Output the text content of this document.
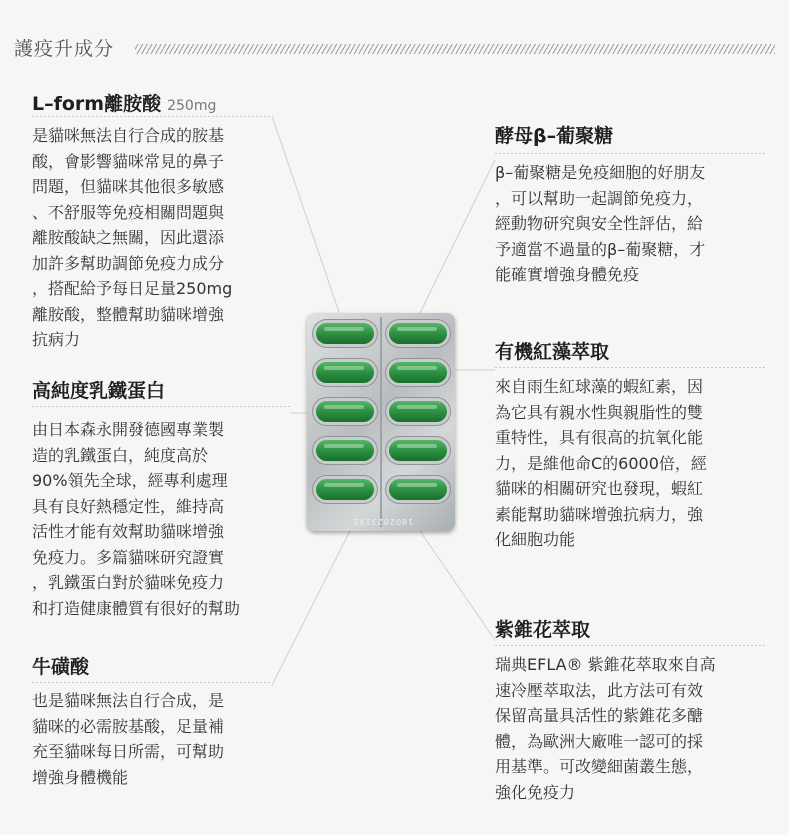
護疫升成分
L–form離胺酸 250mg
是貓咪無法自行合成的胺基
酸，會影響貓咪常見的鼻子
問題，但貓咪其他很多敏感
、不舒服等免疫相關問題與
離胺酸缺之無關，因此還添
加許多幫助調節免疫力成分
，搭配給予每日足量250mg
離胺酸，整體幫助貓咪增強
抗病力
高純度乳鐵蛋白
由日本森永開發德國專業製
造的乳鐵蛋白，純度高於
90%領先全球，經專利處理
具有良好熱穩定性，維持高
活性才能有效幫助貓咪增強
免疫力。多篇貓咪研究證實
，乳鐵蛋白對於貓咪免疫力
和打造健康體質有很好的幫助
牛磺酸
也是貓咪無法自行合成，是
貓咪的必需胺基酸，足量補
充至貓咪每日所需，可幫助
增強身體機能
18020231XE
酵母β–葡聚糖
β–葡聚糖是免疫細胞的好朋友
，可以幫助一起調節免疫力，
經動物研究與安全性評估，給
予適當不過量的β–葡聚糖，才
能確實增強身體免疫
有機紅藻萃取
來自雨生紅球藻的蝦紅素，因
為它具有親水性與親脂性的雙
重特性，具有很高的抗氧化能
力，是維他命C的6000倍，經
貓咪的相關研究也發現，蝦紅
素能幫助貓咪增強抗病力，強
化細胞功能
紫錐花萃取
瑞典EFLA® 紫錐花萃取來自高
速冷壓萃取法，此方法可有效
保留高量具活性的紫錐花多醣
體，為歐洲大廠唯一認可的採
用基準。可改變細菌叢生態，
強化免疫力
